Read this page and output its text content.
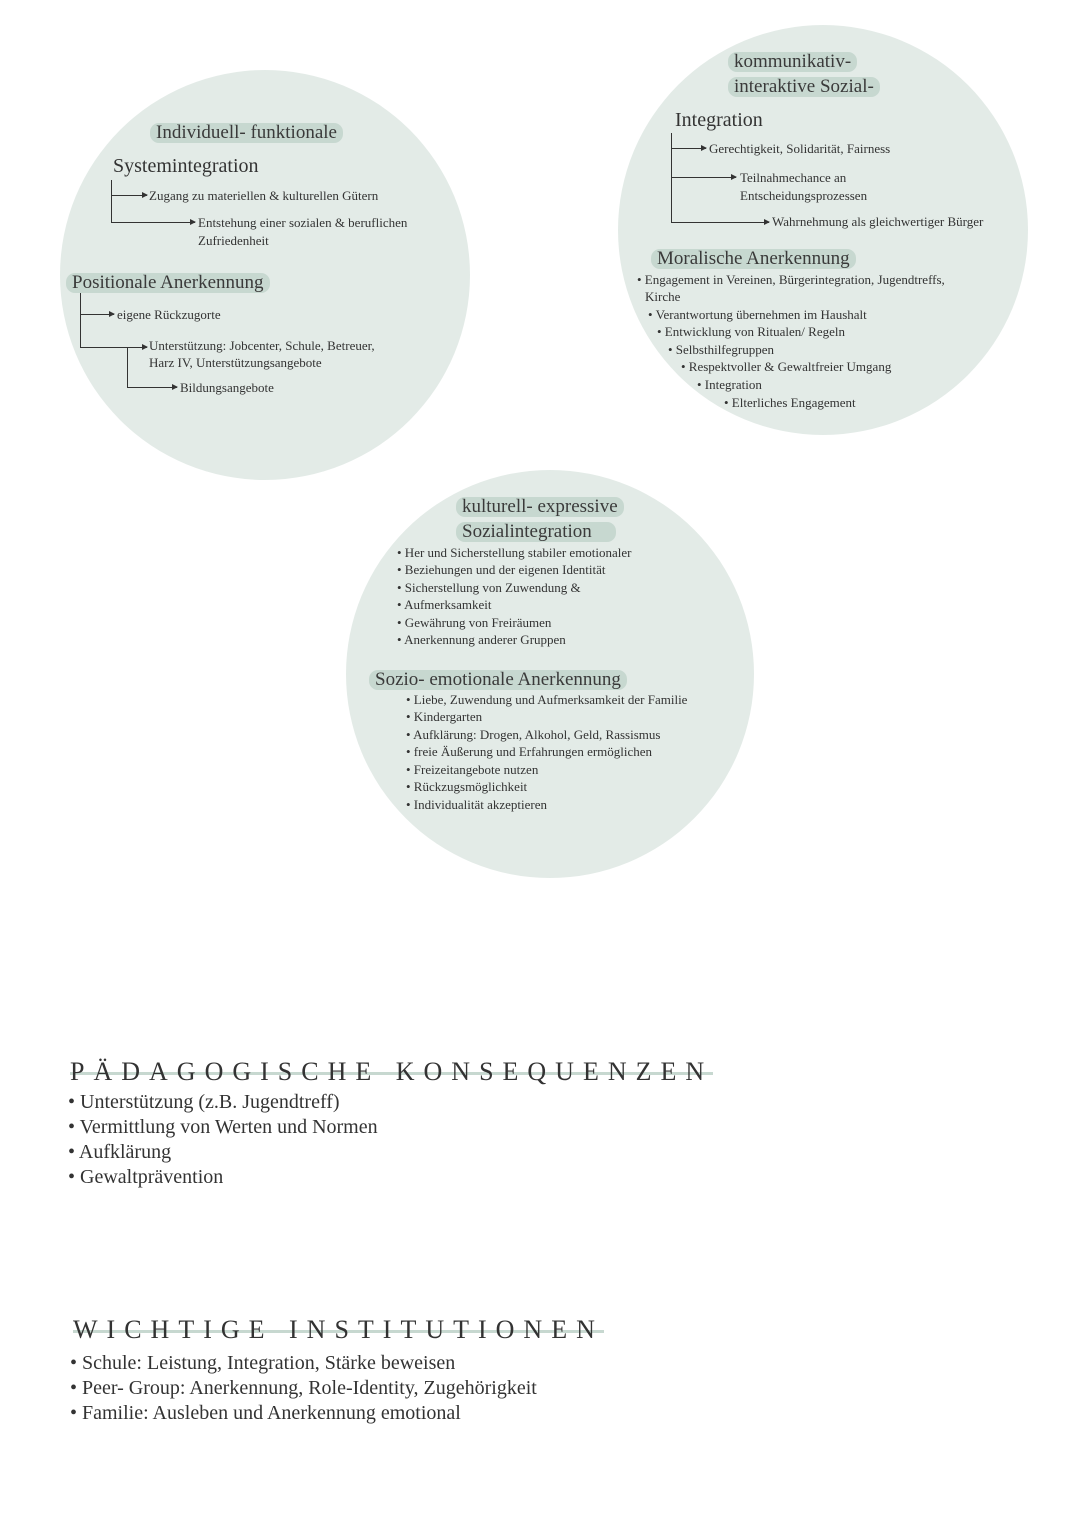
Individuell- funktionale
Systemintegration
Zugang zu materiellen & kulturellen Gütern
Entstehung einer sozialen & beruflichen
Zufriedenheit
Positionale Anerkennung
eigene Rückzugorte
Unterstützung: Jobcenter, Schule, Betreuer,
Harz IV, Unterstützungsangebote
Bildungsangebote
kommunikativ-
interaktive Sozial-
Integration
Gerechtigkeit, Solidarität, Fairness
Teilnahmechance an
Entscheidungsprozessen
Wahrnehmung als gleichwertiger Bürger
Moralische Anerkennung
• Engagement in Vereinen, Bürgerintegration, Jugendtreffs,
Kirche
• Verantwortung übernehmen im Haushalt
• Entwicklung von Ritualen/ Regeln
• Selbsthilfegruppen
• Respektvoller & Gewaltfreier Umgang
• Integration
• Elterliches Engagement
kulturell- expressive
Sozialintegration
• Her und Sicherstellung stabiler emotionaler
• Beziehungen und der eigenen Identität
• Sicherstellung von Zuwendung &
• Aufmerksamkeit
• Gewährung von Freiräumen
• Anerkennung anderer Gruppen
Sozio- emotionale Anerkennung
• Liebe, Zuwendung und Aufmerksamkeit der Familie
• Kindergarten
• Aufklärung: Drogen, Alkohol, Geld, Rassismus
• freie Äußerung und Erfahrungen ermöglichen
• Freizeitangebote nutzen
• Rückzugsmöglichkeit
• Individualität akzeptieren
PÄDAGOGISCHE KONSEQUENZEN
• Unterstützung (z.B. Jugendtreff)
• Vermittlung von Werten und Normen
• Aufklärung
• Gewaltprävention
WICHTIGE INSTITUTIONEN
• Schule: Leistung, Integration, Stärke beweisen
• Peer- Group: Anerkennung, Role-Identity, Zugehörigkeit
• Familie: Ausleben und Anerkennung emotional
